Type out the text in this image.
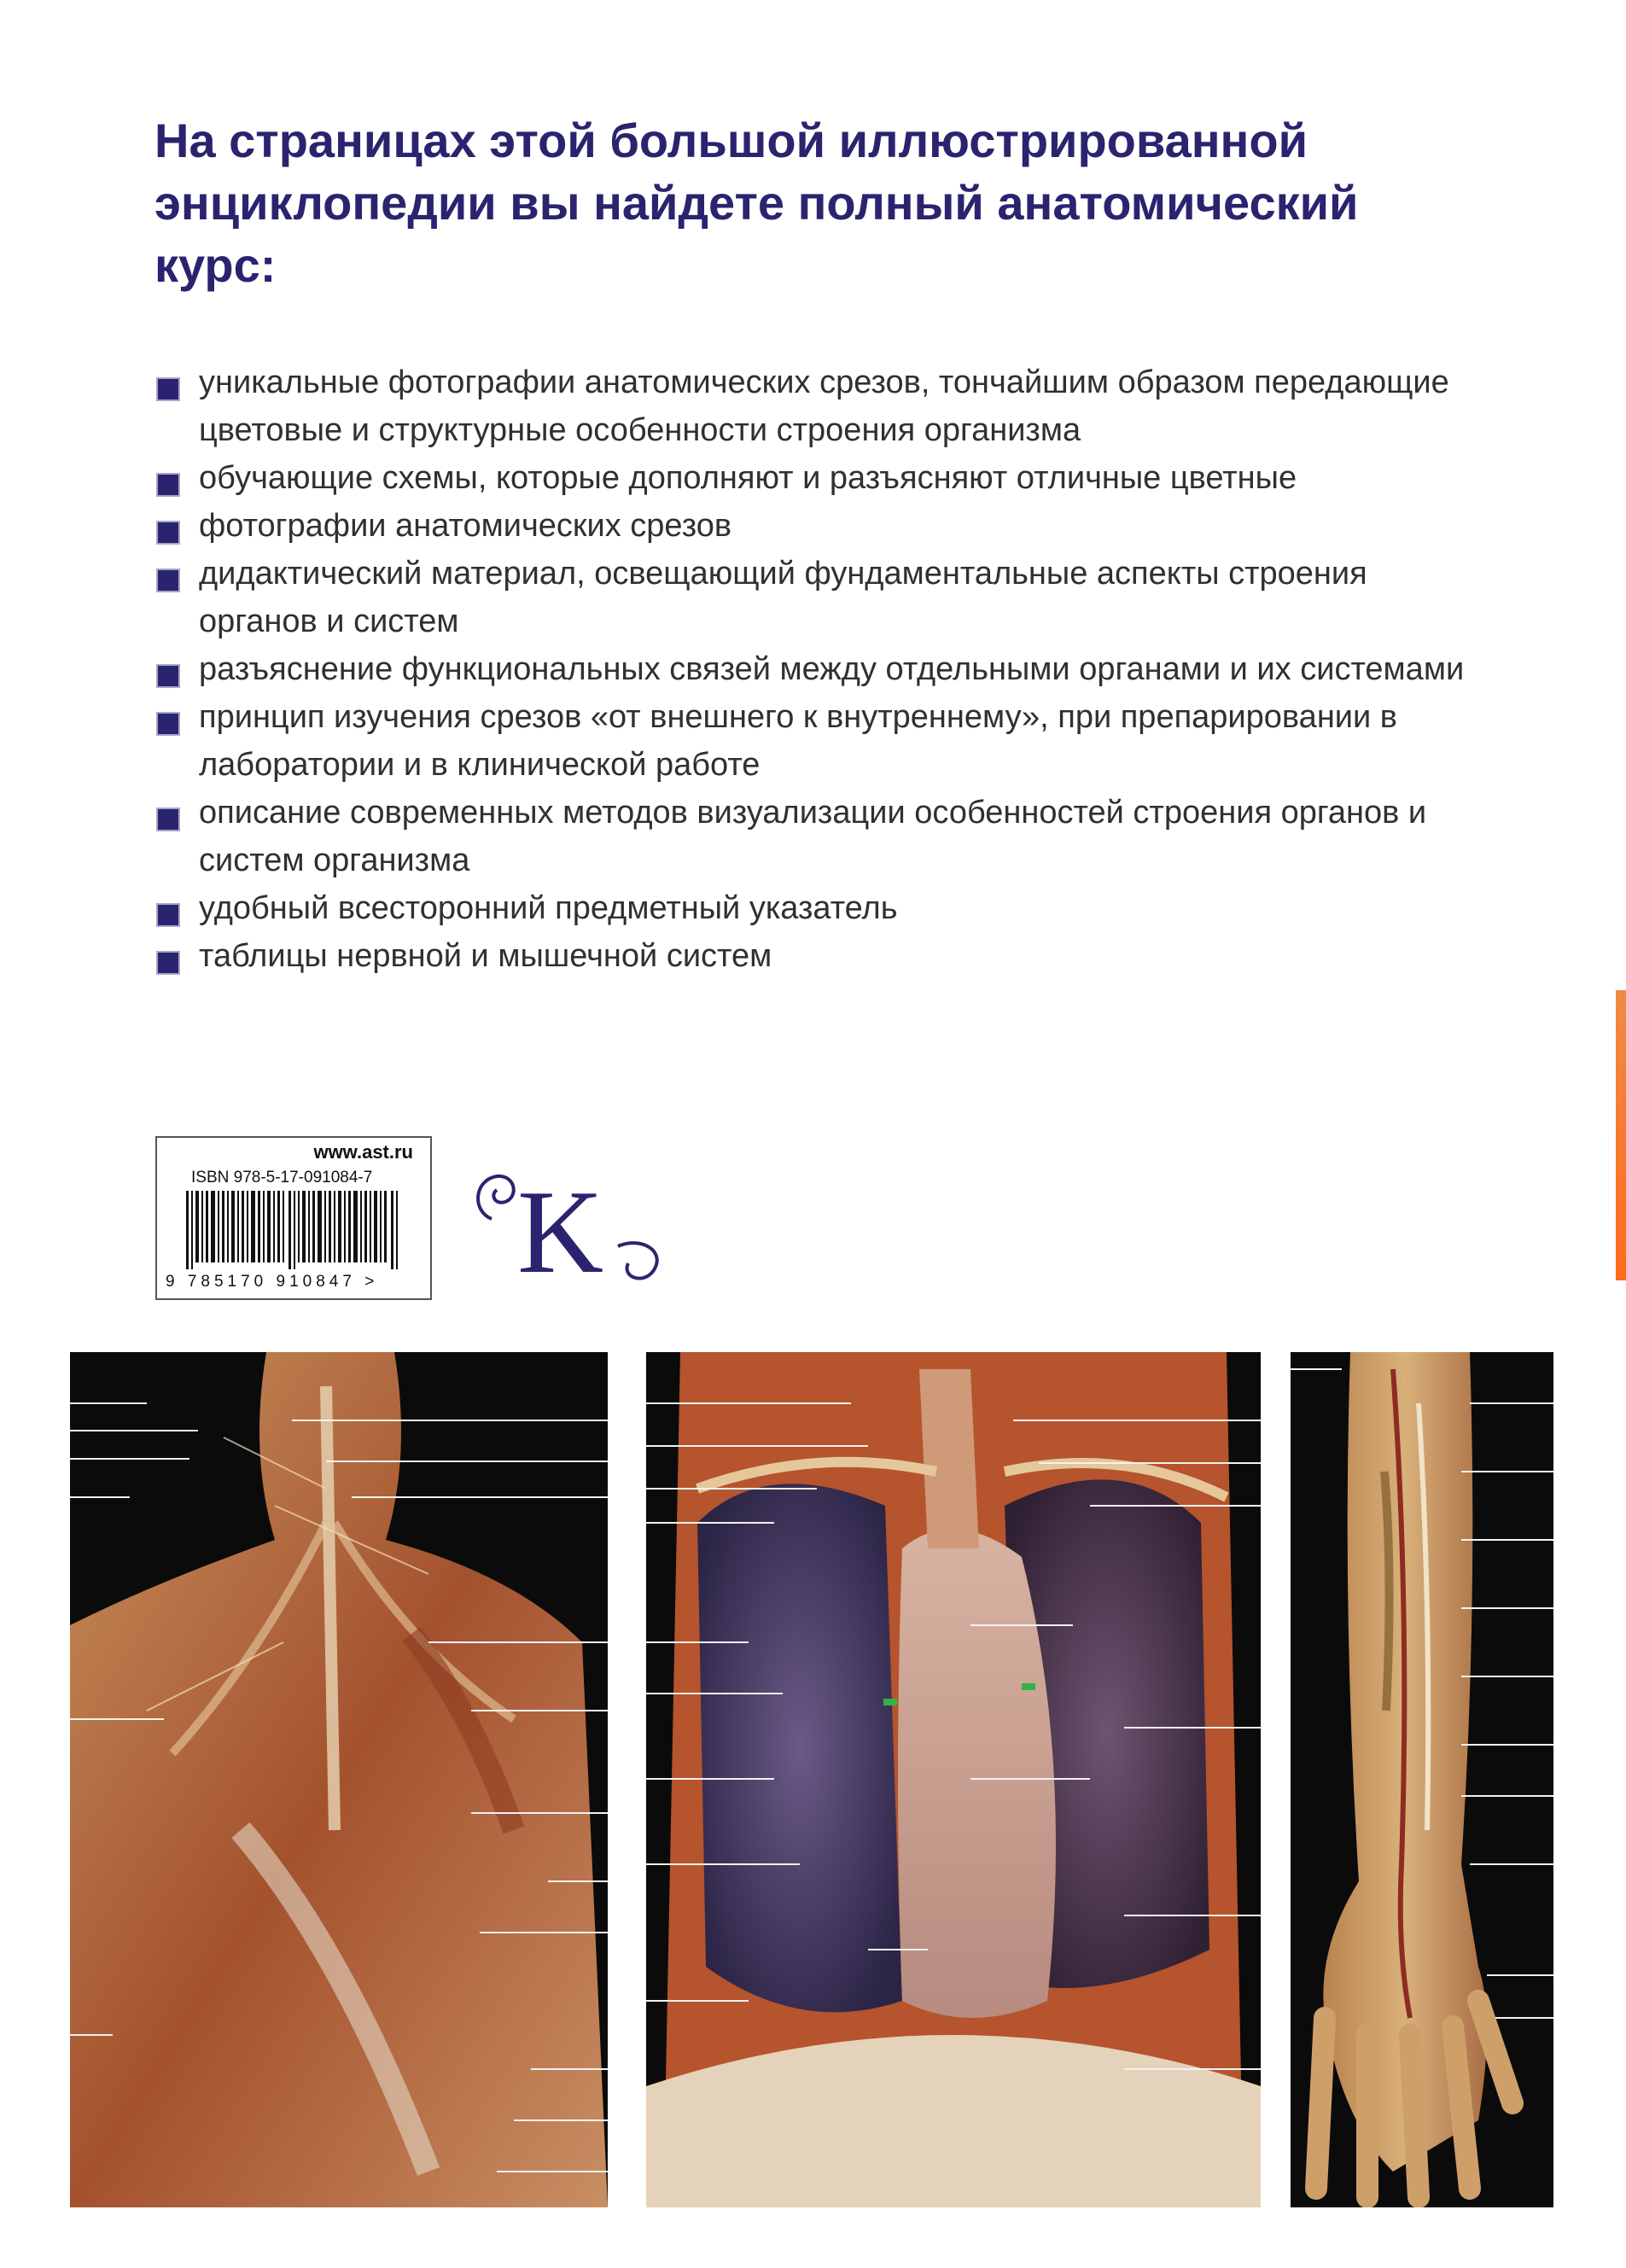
На страницах этой большой иллюстрированной энциклопедии вы найдете полный анатомический курс:
уникальные фотографии анатомических срезов, тончайшим образом передающие цветовые и структурные особенности строения организма
обучающие схемы, которые дополняют и разъясняют отличные цветные
фотографии анатомических срезов
дидактический материал, освещающий фундаментальные аспекты строения органов и систем
разъяснение функциональных связей между отдельными органами и их системами
принцип изучения срезов «от внешнего к внутреннему», при препарировании в лаборатории и в клинической работе
описание современных методов визуализации особенностей строения органов и систем организма
удобный всесторонний предметный указатель
таблицы нервной и мышечной систем
www.ast.ru
ISBN 978-5-17-091084-7
9 785170 910847 >	K
